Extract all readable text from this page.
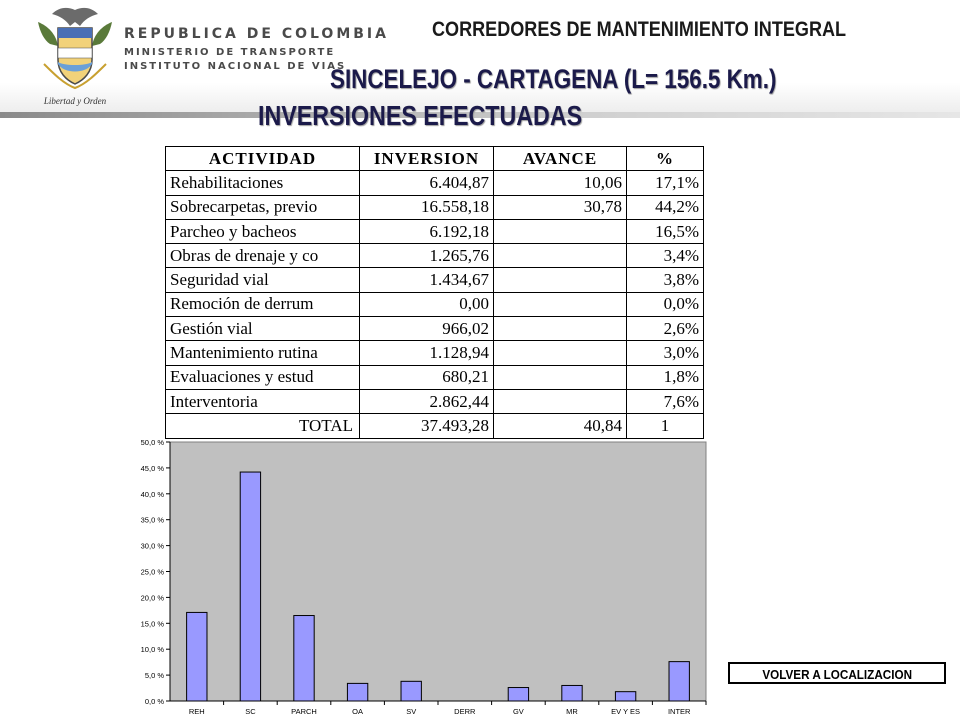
Libertad y Orden
REPUBLICA DE COLOMBIA
MINISTERIO DE TRANSPORTE
INSTITUTO NACIONAL DE VIAS
CORREDORES DE MANTENIMIENTO INTEGRAL
SINCELEJO - CARTAGENA (L= 156.5 Km.)
INVERSIONES EFECTUADAS
ACTIVIDAD	INVERSION	AVANCE	%
Rehabilitaciones	6.404,87	10,06	17,1%
Sobrecarpetas, previo	16.558,18	30,78	44,2%
Parcheo y bacheos	6.192,18		16,5%
Obras de drenaje y co	1.265,76		3,4%
Seguridad vial	1.434,67		3,8%
Remoción de derrum	0,00		0,0%
Gestión vial	966,02		2,6%
Mantenimiento rutina	1.128,94		3,0%
Evaluaciones y estud	680,21		1,8%
Interventoria	2.862,44		7,6%
TOTAL	37.493,28	40,84	1
0,0 %
5,0 %
10,0 %
15,0 %
20,0 %
25,0 %
30,0 %
35,0 %
40,0 %
45,0 %
50,0 %
REH	SC	PARCH	OA	SV	DERR	GV	MR	EV Y ES	INTER
VOLVER A LOCALIZACION
